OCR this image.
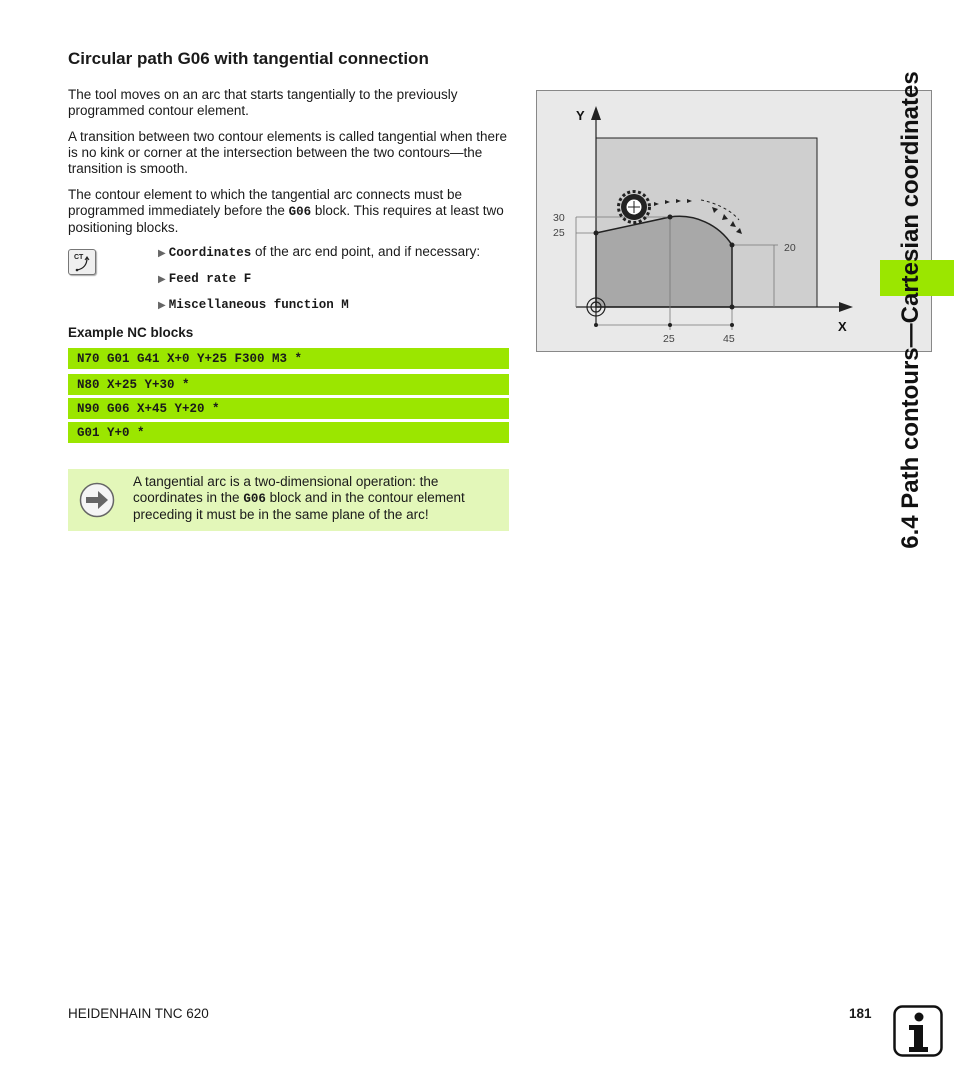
Circular path G06 with tangential connection

The tool moves on an arc that starts tangentially to the previously programmed contour element.

A transition between two contour elements is called tangential when there is no kink or corner at the intersection between the two contours—the transition is smooth.

The contour element to which the tangential arc connects must be programmed immediately before the G06 block. This requires at least two positioning blocks.

CT	▶ Coordinates of the arc end point, and if necessary:
▶ Feed rate F
▶ Miscellaneous function M
Example NC blocks
N70 G01 G41 X+0 Y+25 F300 M3 *
N80 X+25 Y+30 *
N90 G06 X+45 Y+20 *
G01 Y+0 *

A tangential arc is a two-dimensional operation: the coordinates in the G06 block and in the contour element preceding it must be in the same plane of the arc!

Y
X
30
25
20
25	45	6.4 Path contours—Cartesian coordinates
HEIDENHAIN TNC 620	181
